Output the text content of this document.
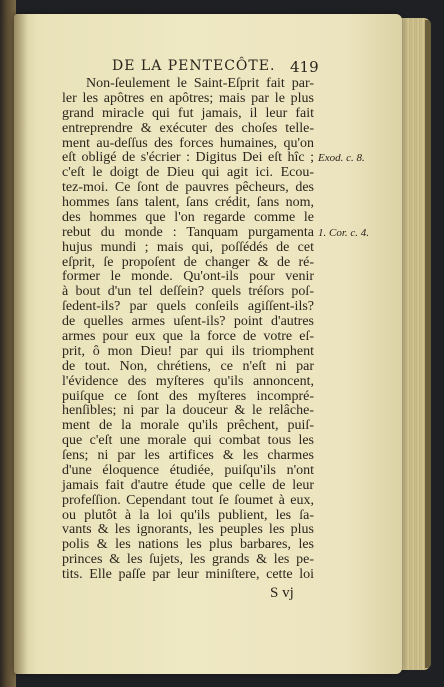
DE LA PENTECÔTE. 419
Non-ſeulement le Saint-Eſprit fait par-
ler les apôtres en apôtres; mais par le plus
grand miracle qui fut jamais, il leur fait
entreprendre & exécuter des choſes telle-
ment au-deſſus des forces humaines, qu'on
eſt obligé de s'écrier : Digitus Dei eſt hîc ;
c'eſt le doigt de Dieu qui agit ici. Ecou-
tez-moi. Ce ſont de pauvres pêcheurs, des
hommes ſans talent, ſans crédit, ſans nom,
des hommes que l'on regarde comme le
rebut du monde : Tanquam purgamenta
hujus mundi ; mais qui, poſſédés de cet
eſprit, ſe propoſent de changer & de ré-
former le monde. Qu'ont-ils pour venir
à bout d'un tel deſſein? quels tréſors poſ-
ſedent-ils? par quels conſeils agiſſent-ils?
de quelles armes uſent-ils? point d'autres
armes pour eux que la force de votre eſ-
prit, ô mon Dieu! par qui ils triomphent
de tout. Non, chrétiens, ce n'eſt ni par
l'évidence des myſteres qu'ils annoncent,
puiſque ce ſont des myſteres incompré-
henſibles; ni par la douceur & le relâche-
ment de la morale qu'ils prêchent, puiſ-
que c'eſt une morale qui combat tous les
ſens; ni par les artifices & les charmes
d'une éloquence étudiée, puiſqu'ils n'ont
jamais fait d'autre étude que celle de leur
profeſſion. Cependant tout ſe ſoumet à eux,
ou plutôt à la loi qu'ils publient, les ſa-
vants & les ignorants, les peuples les plus
polis & les nations les plus barbares, les
princes & les ſujets, les grands & les pe-
tits. Elle paſſe par leur miniſtere, cette loi
Exod. c. 8.
1. Cor. c. 4.
S vj
